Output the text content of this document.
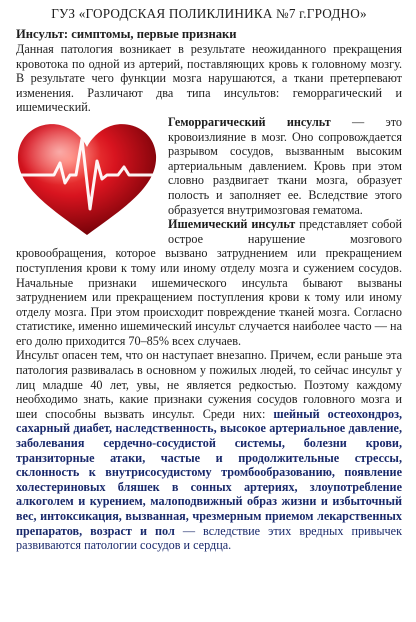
ГУЗ «ГОРОДСКАЯ ПОЛИКЛИНИКА №7 г.ГРОДНО»
Инсульт: симптомы, первые признаки

Данная патология возникает в результате неожиданного прекращения кровотока по одной из артерий, поставляющих кровь к головному мозгу. В результате чего функции мозга нарушаются, а ткани претерпевают изменения. Различают два типа инсультов: геморрагический и ишемический.

Геморрагический инсульт — это кровоизлияние в мозг. Оно сопровождается разрывом сосудов, вызванным высоким артериальным давлением. Кровь при этом словно раздвигает ткани мозга, образует полость и заполняет ее. Вследствие этого образуется внутримозговая гематома.

Ишемический инсульт представляет собой острое нарушение мозгового кровообращения, которое вызвано затруднением или прекращением поступления крови к тому или иному отделу мозга и сужением сосудов. Начальные признаки ишемического инсульта бывают вызваны затруднением или прекращением поступления крови к тому или иному отделу мозга. При этом происходит повреждение тканей мозга. Согласно статистике, именно ишемический инсульт случается наиболее часто — на его долю приходится 70–85% всех случаев.

Инсульт опасен тем, что он наступает внезапно. Причем, если раньше эта патология развивалась в основном у пожилых людей, то сейчас инсульт у лиц младше 40 лет, увы, не является редкостью. Поэтому каждому необходимо знать, какие признаки сужения сосудов головного мозга и шеи способны вызвать инсульт. Среди них: шейный остеохондроз, сахарный диабет, наследственность, высокое артериальное давление, заболевания сердечно-сосудистой системы, болезни крови, транзиторные атаки, частые и продолжительные стрессы, склонность к внутрисосудистому тромбообразованию, появление холестериновых бляшек в сонных артериях, злоупотребление алкоголем и курением, малоподвижный образ жизни и избыточный вес, интоксикация, вызванная, чрезмерным приемом лекарственных препаратов, возраст и пол — вследствие этих вредных привычек развиваются патологии сосудов и сердца.
